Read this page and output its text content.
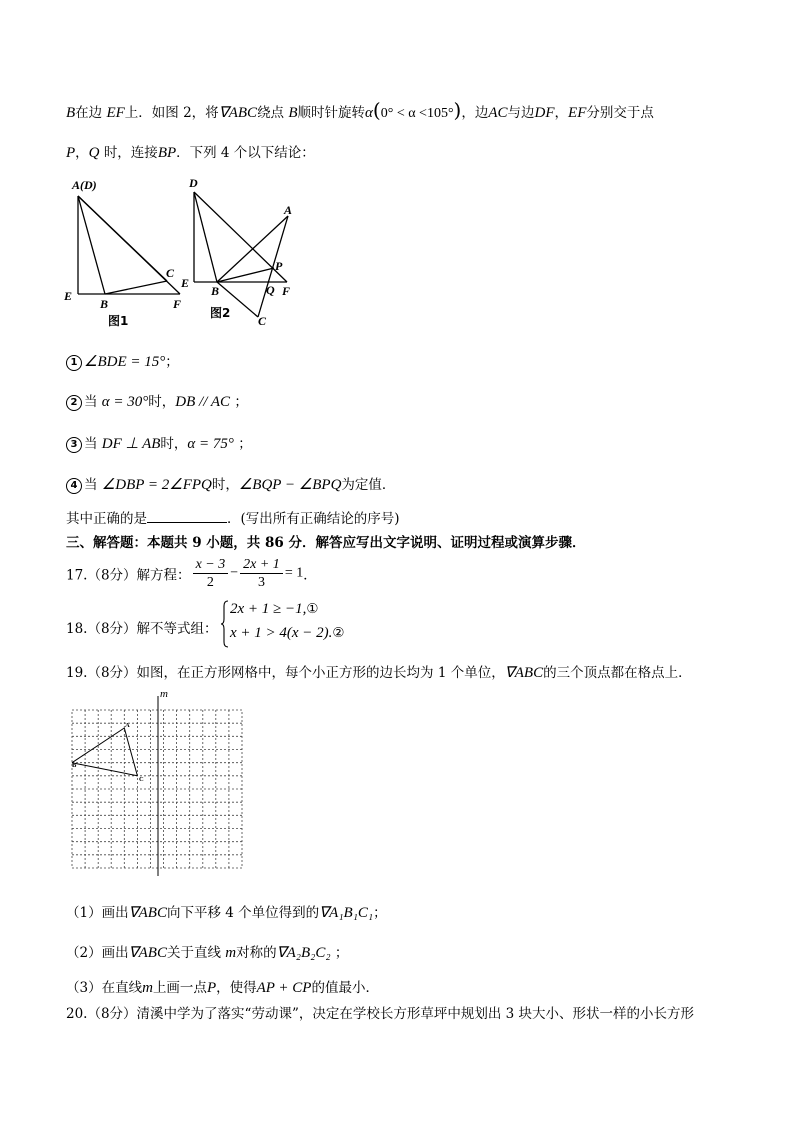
B在边 EF上．如图 2，将∇ABC绕点 B顺时针旋转α(0° < α <105°)，边AC与边DF，EF分别交于点
P，Q 时，连接BP．下列 4 个以下结论：
A(D)
E
B
C
F
图1
D
A
E
B
P
Q F
C
图2
1 ∠BDE = 15°；
2 当 α = 30°时，DB // AC ；
3 当 DF ⊥ AB时，α = 75° ；
4 当 ∠DBP = 2∠FPQ时，∠BQP − ∠BPQ为定值．
其中正确的是	．(写出所有正确结论的序号)
三、解答题：本题共 9 小题，共 86 分．解答应写出文字说明、证明过程或演算步骤．
17.（8分）解方程： $\frac{x - 3}{2} - \frac{2x + 1}{3} = 1$．
18.（8分）解不等式组：
2x + 1 ≥ −1,①
x + 1 > 4(x − 2).②
19.（8分）如图，在正方形网格中，每个小正方形的边长均为 1 个单位，∇ABC的三个顶点都在格点上．
m
A
B
C
（1）画出∇ABC向下平移 4 个单位得到的∇A₁B₁C₁；
（2）画出∇ABC关于直线 m对称的∇A₂B₂C₂ ；
（3）在直线m上画一点P，使得AP + CP的值最小．
20.（8分）清溪中学为了落实“劳动课”，决定在学校长方形草坪中规划出 3 块大小、形状一样的小长方形
